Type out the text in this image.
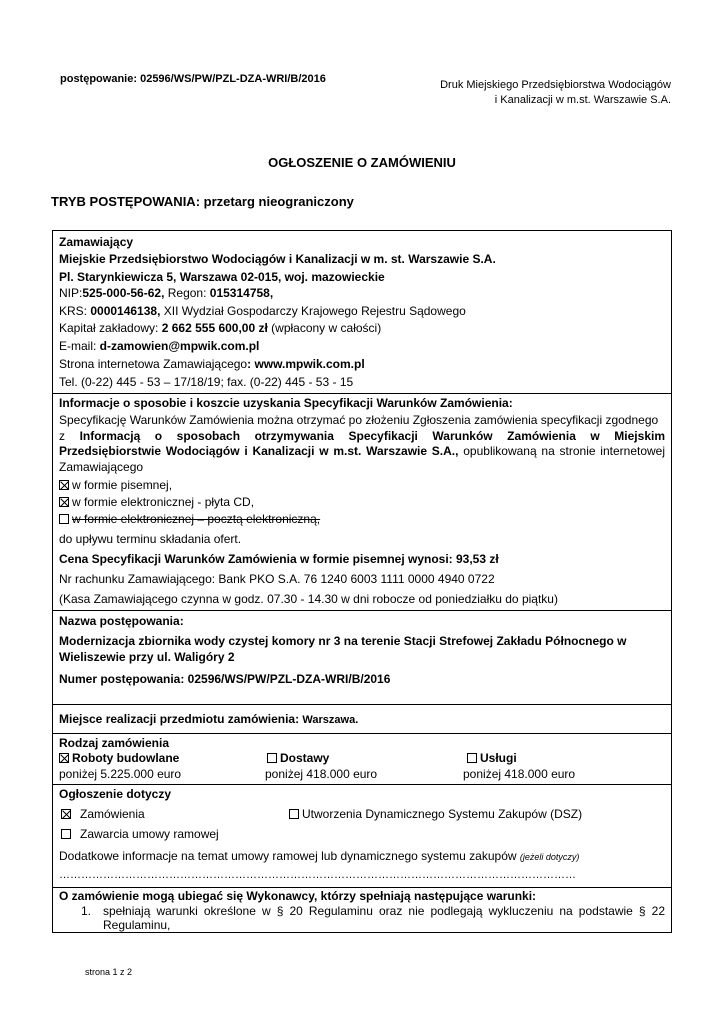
postępowanie: 02596/WS/PW/PZL-DZA-WRI/B/2016	Druk Miejskiego Przedsiębiorstwa Wodociągów
i Kanalizacji w m.st. Warszawie S.A.
OGŁOSZENIE O ZAMÓWIENIU
TRYB POSTĘPOWANIA: przetarg nieograniczony
Zamawiający
Miejskie Przedsiębiorstwo Wodociągów i Kanalizacji w m. st. Warszawie S.A.
Pl. Starynkiewicza 5, Warszawa 02-015, woj. mazowieckie
NIP:525-000-56-62, Regon: 015314758,
KRS: 0000146138, XII Wydział Gospodarczy Krajowego Rejestru Sądowego
Kapitał zakładowy: 2 662 555 600,00 zł (wpłacony w całości)
E-mail: d-zamowien@mpwik.com.pl
Strona internetowa Zamawiającego: www.mpwik.com.pl
Tel. (0-22) 445 - 53 – 17/18/19; fax. (0-22) 445 - 53 - 15
Informacje o sposobie i koszcie uzyskania Specyfikacji Warunków Zamówienia:
Specyfikację Warunków Zamówienia można otrzymać po złożeniu Zgłoszenia zamówienia specyfikacji zgodnego
z Informacją o sposobach otrzymywania Specyfikacji Warunków Zamówienia w Miejskim
Przedsiębiorstwie Wodociągów i Kanalizacji w m.st. Warszawie S.A., opublikowaną na stronie internetowej
Zamawiającego
w formie pisemnej,
w formie elektronicznej - płyta CD,
w formie elektronicznej – pocztą elektroniczną,
do upływu terminu składania ofert.
Cena Specyfikacji Warunków Zamówienia w formie pisemnej wynosi: 93,53 zł
Nr rachunku Zamawiającego: Bank PKO S.A. 76 1240 6003 1111 0000 4940 0722
(Kasa Zamawiającego czynna w godz. 07.30 - 14.30 w dni robocze od poniedziałku do piątku)
Nazwa postępowania:
Modernizacja zbiornika wody czystej komory nr 3 na terenie Stacji Strefowej Zakładu Północnego w
Wieliszewie przy ul. Waligóry 2
Numer postępowania: 02596/WS/PW/PZL-DZA-WRI/B/2016
Miejsce realizacji przedmiotu zamówienia: Warszawa.
Rodzaj zamówienia
Roboty budowlane
poniżej 5.225.000 euro
Dostawy
poniżej 418.000 euro
Usługi
poniżej 418.000 euro
Ogłoszenie dotyczy
Zamówienia	Utworzenia Dynamicznego Systemu Zakupów (DSZ)
Zawarcia umowy ramowej
Dodatkowe informacje na temat umowy ramowej lub dynamicznego systemu zakupów (jeżeli dotyczy)
……………………………………………………………………………………………………………………………
O zamówienie mogą ubiegać się Wykonawcy, którzy spełniają następujące warunki:
1. spełniają warunki określone w § 20 Regulaminu oraz nie podlegają wykluczeniu na podstawie § 22
Regulaminu,
strona 1 z 2
